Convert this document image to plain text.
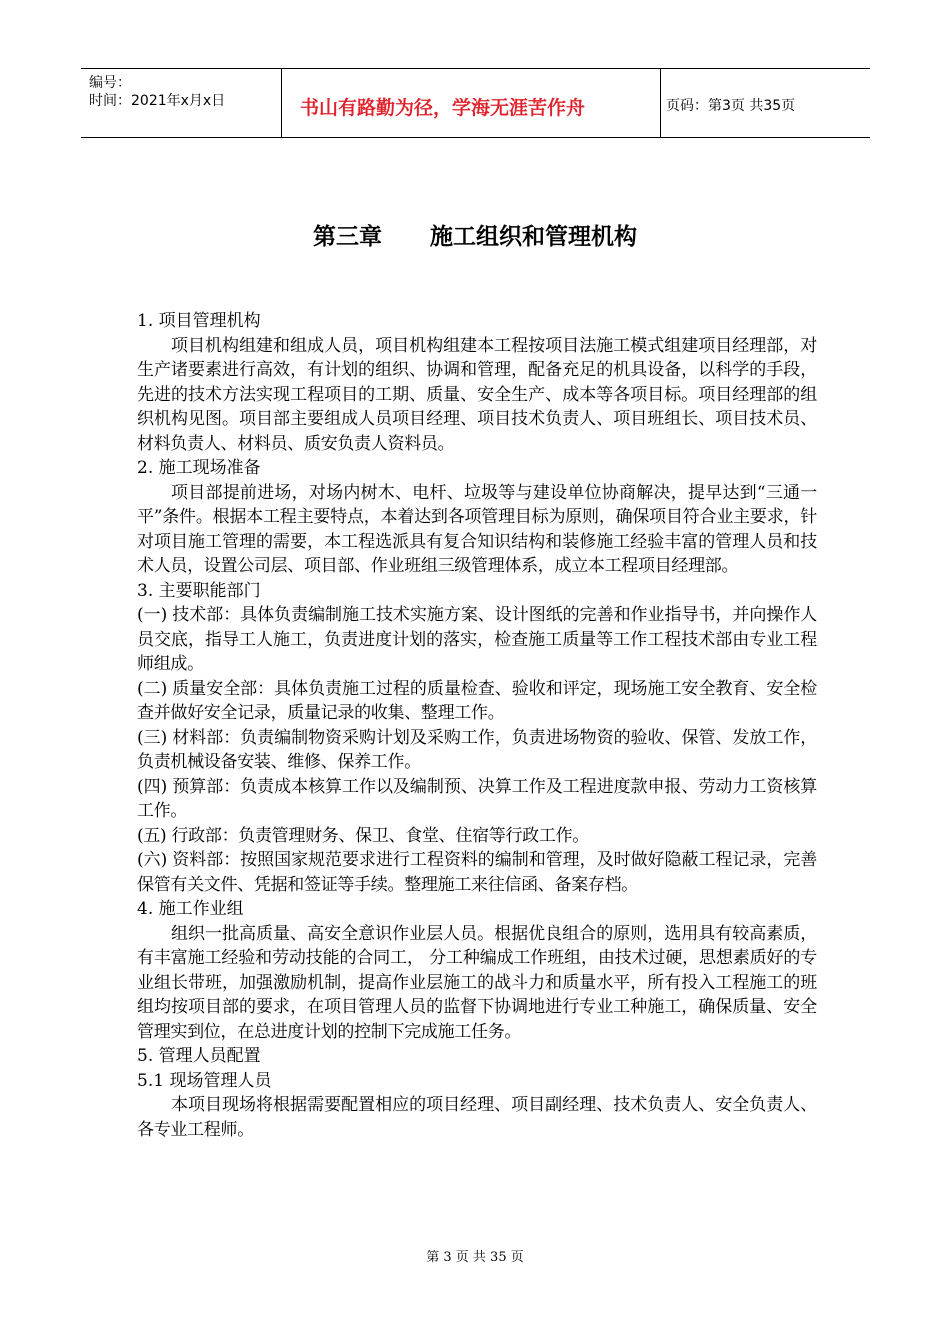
编号：
时间：2021年x月x日	书山有路勤为径，学海无涯苦作舟	页码：第3页 共35页
第三章 施工组织和管理机构

1. 项目管理机构

项目机构组建和组成人员，项目机构组建本工程按项目法施工模式组建项目经理部，对生产诸要素进行高效，有计划的组织、协调和管理，配备充足的机具设备，以科学的手段，先进的技术方法实现工程项目的工期、质量、安全生产、成本等各项目标。项目经理部的组织机构见图。项目部主要组成人员项目经理、项目技术负责人、项目班组长、项目技术员、材料负责人、材料员、质安负责人资料员。

2. 施工现场准备

项目部提前进场，对场内树木、电杆、垃圾等与建设单位协商解决，提早达到“三通一平”条件。根据本工程主要特点，本着达到各项管理目标为原则，确保项目符合业主要求，针对项目施工管理的需要，本工程选派具有复合知识结构和装修施工经验丰富的管理人员和技术人员，设置公司层、项目部、作业班组三级管理体系，成立本工程项目经理部。

3. 主要职能部门

(一) 技术部：具体负责编制施工技术实施方案、设计图纸的完善和作业指导书，并向操作人员交底，指导工人施工，负责进度计划的落实，检查施工质量等工作工程技术部由专业工程师组成。

(二) 质量安全部：具体负责施工过程的质量检查、验收和评定，现场施工安全教育、安全检查并做好安全记录，质量记录的收集、整理工作。

(三) 材料部：负责编制物资采购计划及采购工作，负责进场物资的验收、保管、发放工作，负责机械设备安装、维修、保养工作。

(四) 预算部：负责成本核算工作以及编制预、决算工作及工程进度款申报、劳动力工资核算工作。

(五) 行政部：负责管理财务、保卫、食堂、住宿等行政工作。

(六) 资料部：按照国家规范要求进行工程资料的编制和管理，及时做好隐蔽工程记录，完善保管有关文件、凭据和签证等手续。整理施工来往信函、备案存档。

4. 施工作业组

组织一批高质量、高安全意识作业层人员。根据优良组合的原则，选用具有较高素质， 有丰富施工经验和劳动技能的合同工， 分工种编成工作班组，由技术过硬，思想素质好的专业组长带班，加强激励机制，提高作业层施工的战斗力和质量水平，所有投入工程施工的班组均按项目部的要求，在项目管理人员的监督下协调地进行专业工种施工，确保质量、安全管理实到位，在总进度计划的控制下完成施工任务。

5. 管理人员配置

5.1 现场管理人员

本项目现场将根据需要配置相应的项目经理、项目副经理、技术负责人、安全负责人、各专业工程师。

第 3 页 共 35 页
